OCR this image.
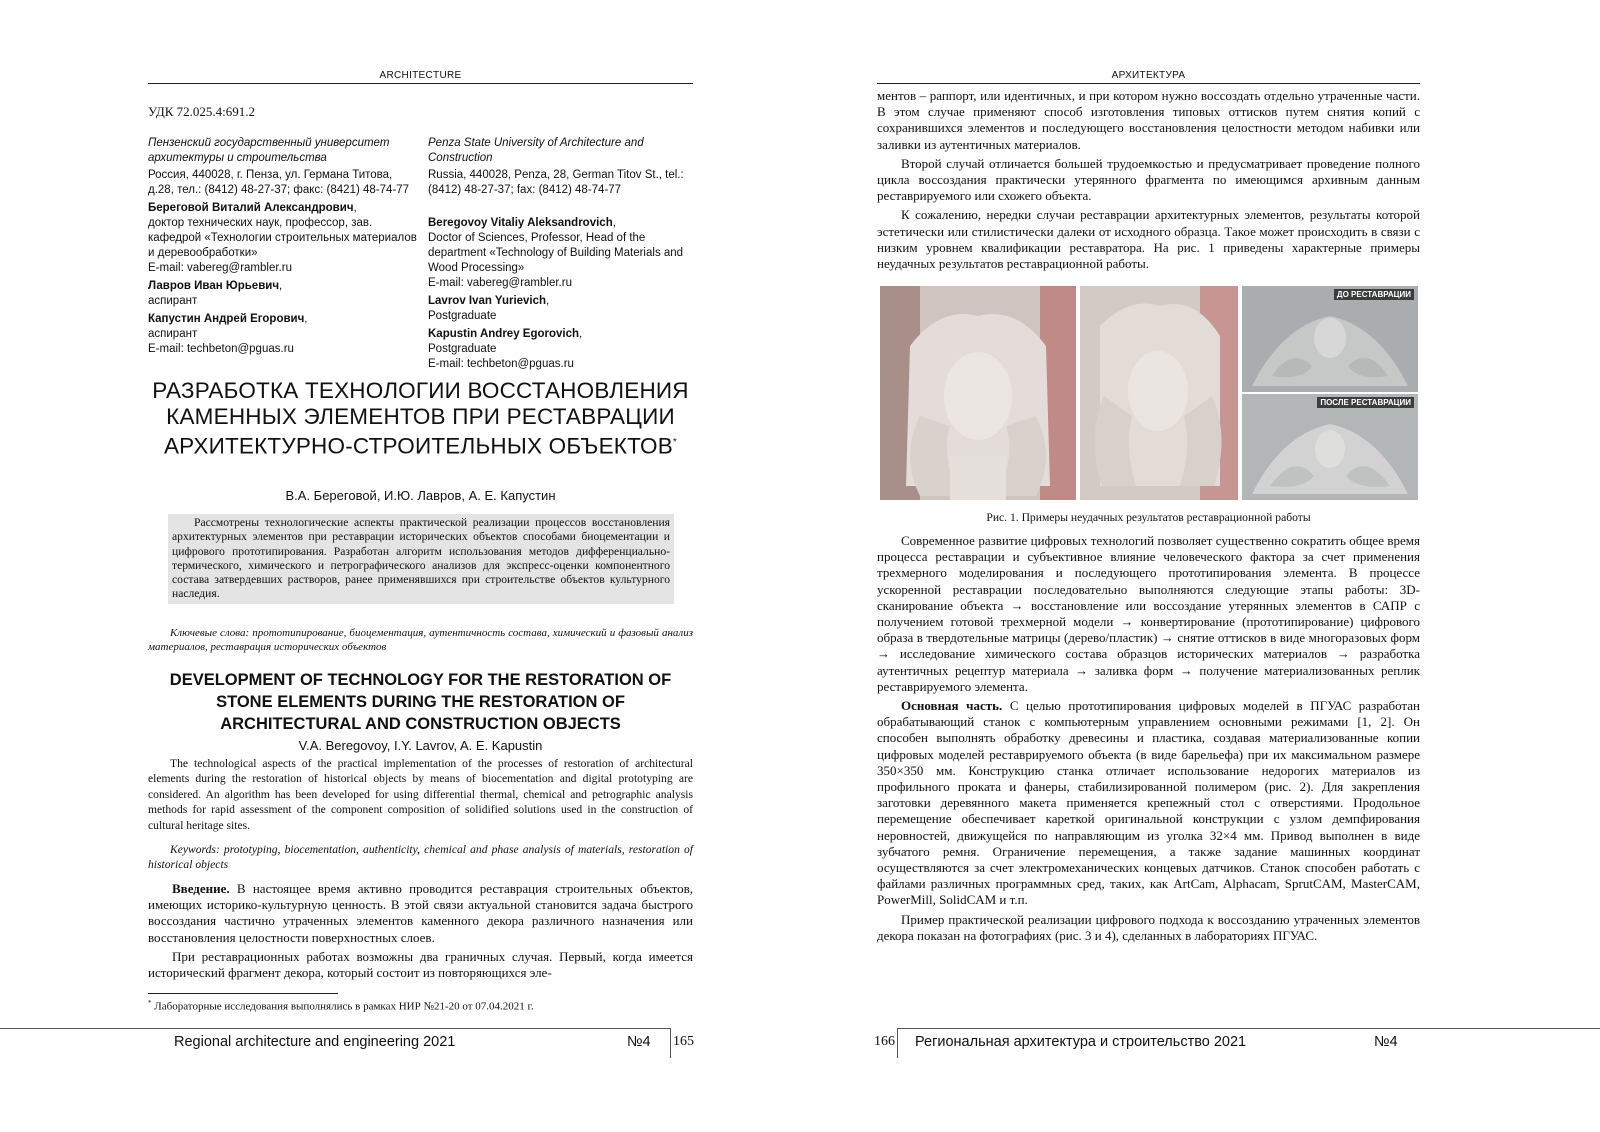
ARCHITECTURE
УДК 72.025.4:691.2
Пензенский государственный университет архитектуры и строительства
Россия, 440028, г. Пенза, ул. Германа Титова, д.28, тел.: (8412) 48-27-37; факс: (8421) 48-74-77
Береговой Виталий Александрович,
доктор технических наук, профессор, зав. кафедрой «Технологии строительных материалов и деревообработки»
E-mail: vabereg@rambler.ru
Лавров Иван Юрьевич,
аспирант
Капустин Андрей Егорович,
аспирант
E-mail: techbeton@pguas.ru
Penza State University of Architecture and Construction
Russia, 440028, Penza, 28, German Titov St., tel.: (8412) 48-27-37; fax: (8412) 48-74-77
Beregovoy Vitaliy Aleksandrovich,
Doctor of Sciences, Professor, Head of the department «Technology of Building Materials and Wood Processing»
E-mail: vabereg@rambler.ru
Lavrov Ivan Yurievich,
Postgraduate
Kapustin Andrey Egorovich,
Postgraduate
E-mail: techbeton@pguas.ru
РАЗРАБОТКА ТЕХНОЛОГИИ ВОССТАНОВЛЕНИЯ КАМЕННЫХ ЭЛЕМЕНТОВ ПРИ РЕСТАВРАЦИИ АРХИТЕКТУРНО-СТРОИТЕЛЬНЫХ ОБЪЕКТОВ*
В.А. Береговой, И.Ю. Лавров, А. Е. Капустин
Рассмотрены технологические аспекты практической реализации процессов восстановления архитектурных элементов при реставрации исторических объектов способами биоцементации и цифрового прототипирования. Разработан алгоритм использования методов дифференциально-термического, химического и петрографического анализов для экспресс-оценки компонентного состава затвердевших растворов, ранее применявшихся при строительстве объектов культурного наследия.
Ключевые слова: прототипирование, биоцементация, аутентичность состава, химический и фазовый анализ материалов, реставрация исторических объектов
DEVELOPMENT OF TECHNOLOGY FOR THE RESTORATION OF STONE ELEMENTS DURING THE RESTORATION OF ARCHITECTURAL AND CONSTRUCTION OBJECTS
V.A. Beregovoy, I.Y. Lavrov, A. E. Kapustin
The technological aspects of the practical implementation of the processes of restoration of architectural elements during the restoration of historical objects by means of biocementation and digital prototyping are considered. An algorithm has been developed for using differential thermal, chemical and petrographic analysis methods for rapid assessment of the component composition of solidified solutions used in the construction of cultural heritage sites.
Keywords: prototyping, biocementation, authenticity, chemical and phase analysis of materials, restoration of historical objects

Введение. В настоящее время активно проводится реставрация строительных объектов, имеющих историко-культурную ценность. В этой связи актуальной становится задача быстрого воссоздания частично утраченных элементов каменного декора различного назначения или восстановления целостности поверхностных слоев.

При реставрационных работах возможны два граничных случая. Первый, когда имеется исторический фрагмент декора, который состоит из повторяющихся эле-

* Лабораторные исследования выполнялись в рамках НИР №21-20 от 07.04.2021 г.
Regional architecture and engineering 2021	№4 165
АРХИТЕКТУРА

ментов – раппорт, или идентичных, и при котором нужно воссоздать отдельно утраченные части. В этом случае применяют способ изготовления типовых оттисков путем снятия копий с сохранившихся элементов и последующего восстановления целостности методом набивки или заливки из аутентичных материалов.

Второй случай отличается большей трудоемкостью и предусматривает проведение полного цикла воссоздания практически утерянного фрагмента по имеющимся архивным данным реставрируемого или схожего объекта.

К сожалению, нередки случаи реставрации архитектурных элементов, результаты которой эстетически или стилистически далеки от исходного образца. Такое может происходить в связи с низким уровнем квалификации реставратора. На рис. 1 приведены характерные примеры неудачных результатов реставрационной работы.

ДО РЕСТАВРАЦИИ
ПОСЛЕ РЕСТАВРАЦИИ
Рис. 1. Примеры неудачных результатов реставрационной работы

Современное развитие цифровых технологий позволяет существенно сократить общее время процесса реставрации и субъективное влияние человеческого фактора за счет применения трехмерного моделирования и последующего прототипирования элемента. В процессе ускоренной реставрации последовательно выполняются следующие этапы работы: 3D-сканирование объекта → восстановление или воссоздание утерянных элементов в САПР с получением готовой трехмерной модели → конвертирование (прототипирование) цифрового образа в твердотельные матрицы (дерево/пластик) → снятие оттисков в виде многоразовых форм → исследование химического состава образцов исторических материалов → разработка аутентичных рецептур материала → заливка форм → получение материализованных реплик реставрируемого элемента.

Основная часть. С целью прототипирования цифровых моделей в ПГУАС разработан обрабатывающий станок с компьютерным управлением основными режимами [1, 2]. Он способен выполнять обработку древесины и пластика, создавая материализованные копии цифровых моделей реставрируемого объекта (в виде барельефа) при их максимальном размере 350×350 мм. Конструкцию станка отличает использование недорогих материалов из профильного проката и фанеры, стабилизированной полимером (рис. 2). Для закрепления заготовки деревянного макета применяется крепежный стол с отверстиями. Продольное перемещение обеспечивает кареткой оригинальной конструкции с узлом демпфирования неровностей, движущейся по направляющим из уголка 32×4 мм. Привод выполнен в виде зубчатого ремня. Ограничение перемещения, а также задание машинных координат осуществляются за счет электромеханических концевых датчиков. Станок способен работать с файлами различных программных сред, таких, как ArtCam, Alphacam, SprutCAM, MasterCAM, PowerMill, SolidCAM и т.п.

Пример практической реализации цифрового подхода к воссозданию утраченных элементов декора показан на фотографиях (рис. 3 и 4), сделанных в лабораториях ПГУАС.

166 Региональная архитектура и строительство 2021	№4
